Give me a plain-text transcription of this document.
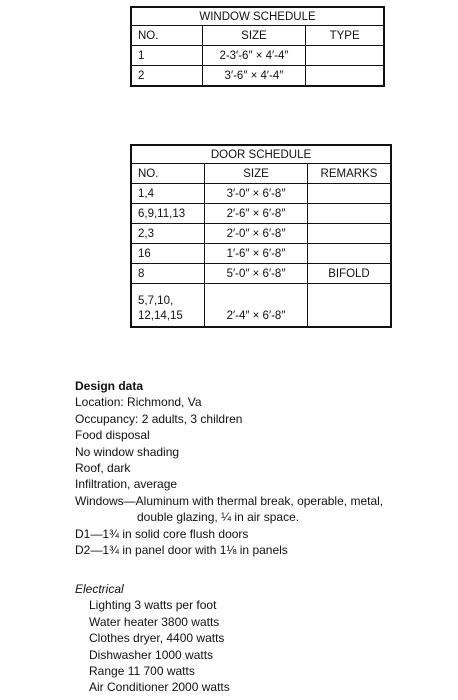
WINDOW SCHEDULE		
NO.	SIZE	TYPE
1	2-3′-6″ × 4′-4″	
2	3′-6″ × 4′-4″	
DOOR SCHEDULE		
NO.	SIZE	REMARKS
1,4	3′-0″ × 6′-8″	
6,9,11,13	2′-6″ × 6′-8″	
2,3	2′-0″ × 6′-8″	
16	1′-6″ × 6′-8″	
8	5′-0″ × 6′-8″	BIFOLD
5,7,10,
12,14,15	2′-4″ × 6′-8″	
Design data
Location: Richmond, Va
Occupancy: 2 adults, 3 children
Food disposal
No window shading
Roof, dark
Infiltration, average
Windows—Aluminum with thermal break, operable, metal,
double glazing, ¼ in air space.
D1—1¾ in solid core flush doors
D2—1¾ in panel door with 1⅛ in panels
Electrical
Lighting 3 watts per foot
Water heater 3800 watts
Clothes dryer, 4400 watts
Dishwasher 1000 watts
Range 11 700 watts
Air Conditioner 2000 watts
